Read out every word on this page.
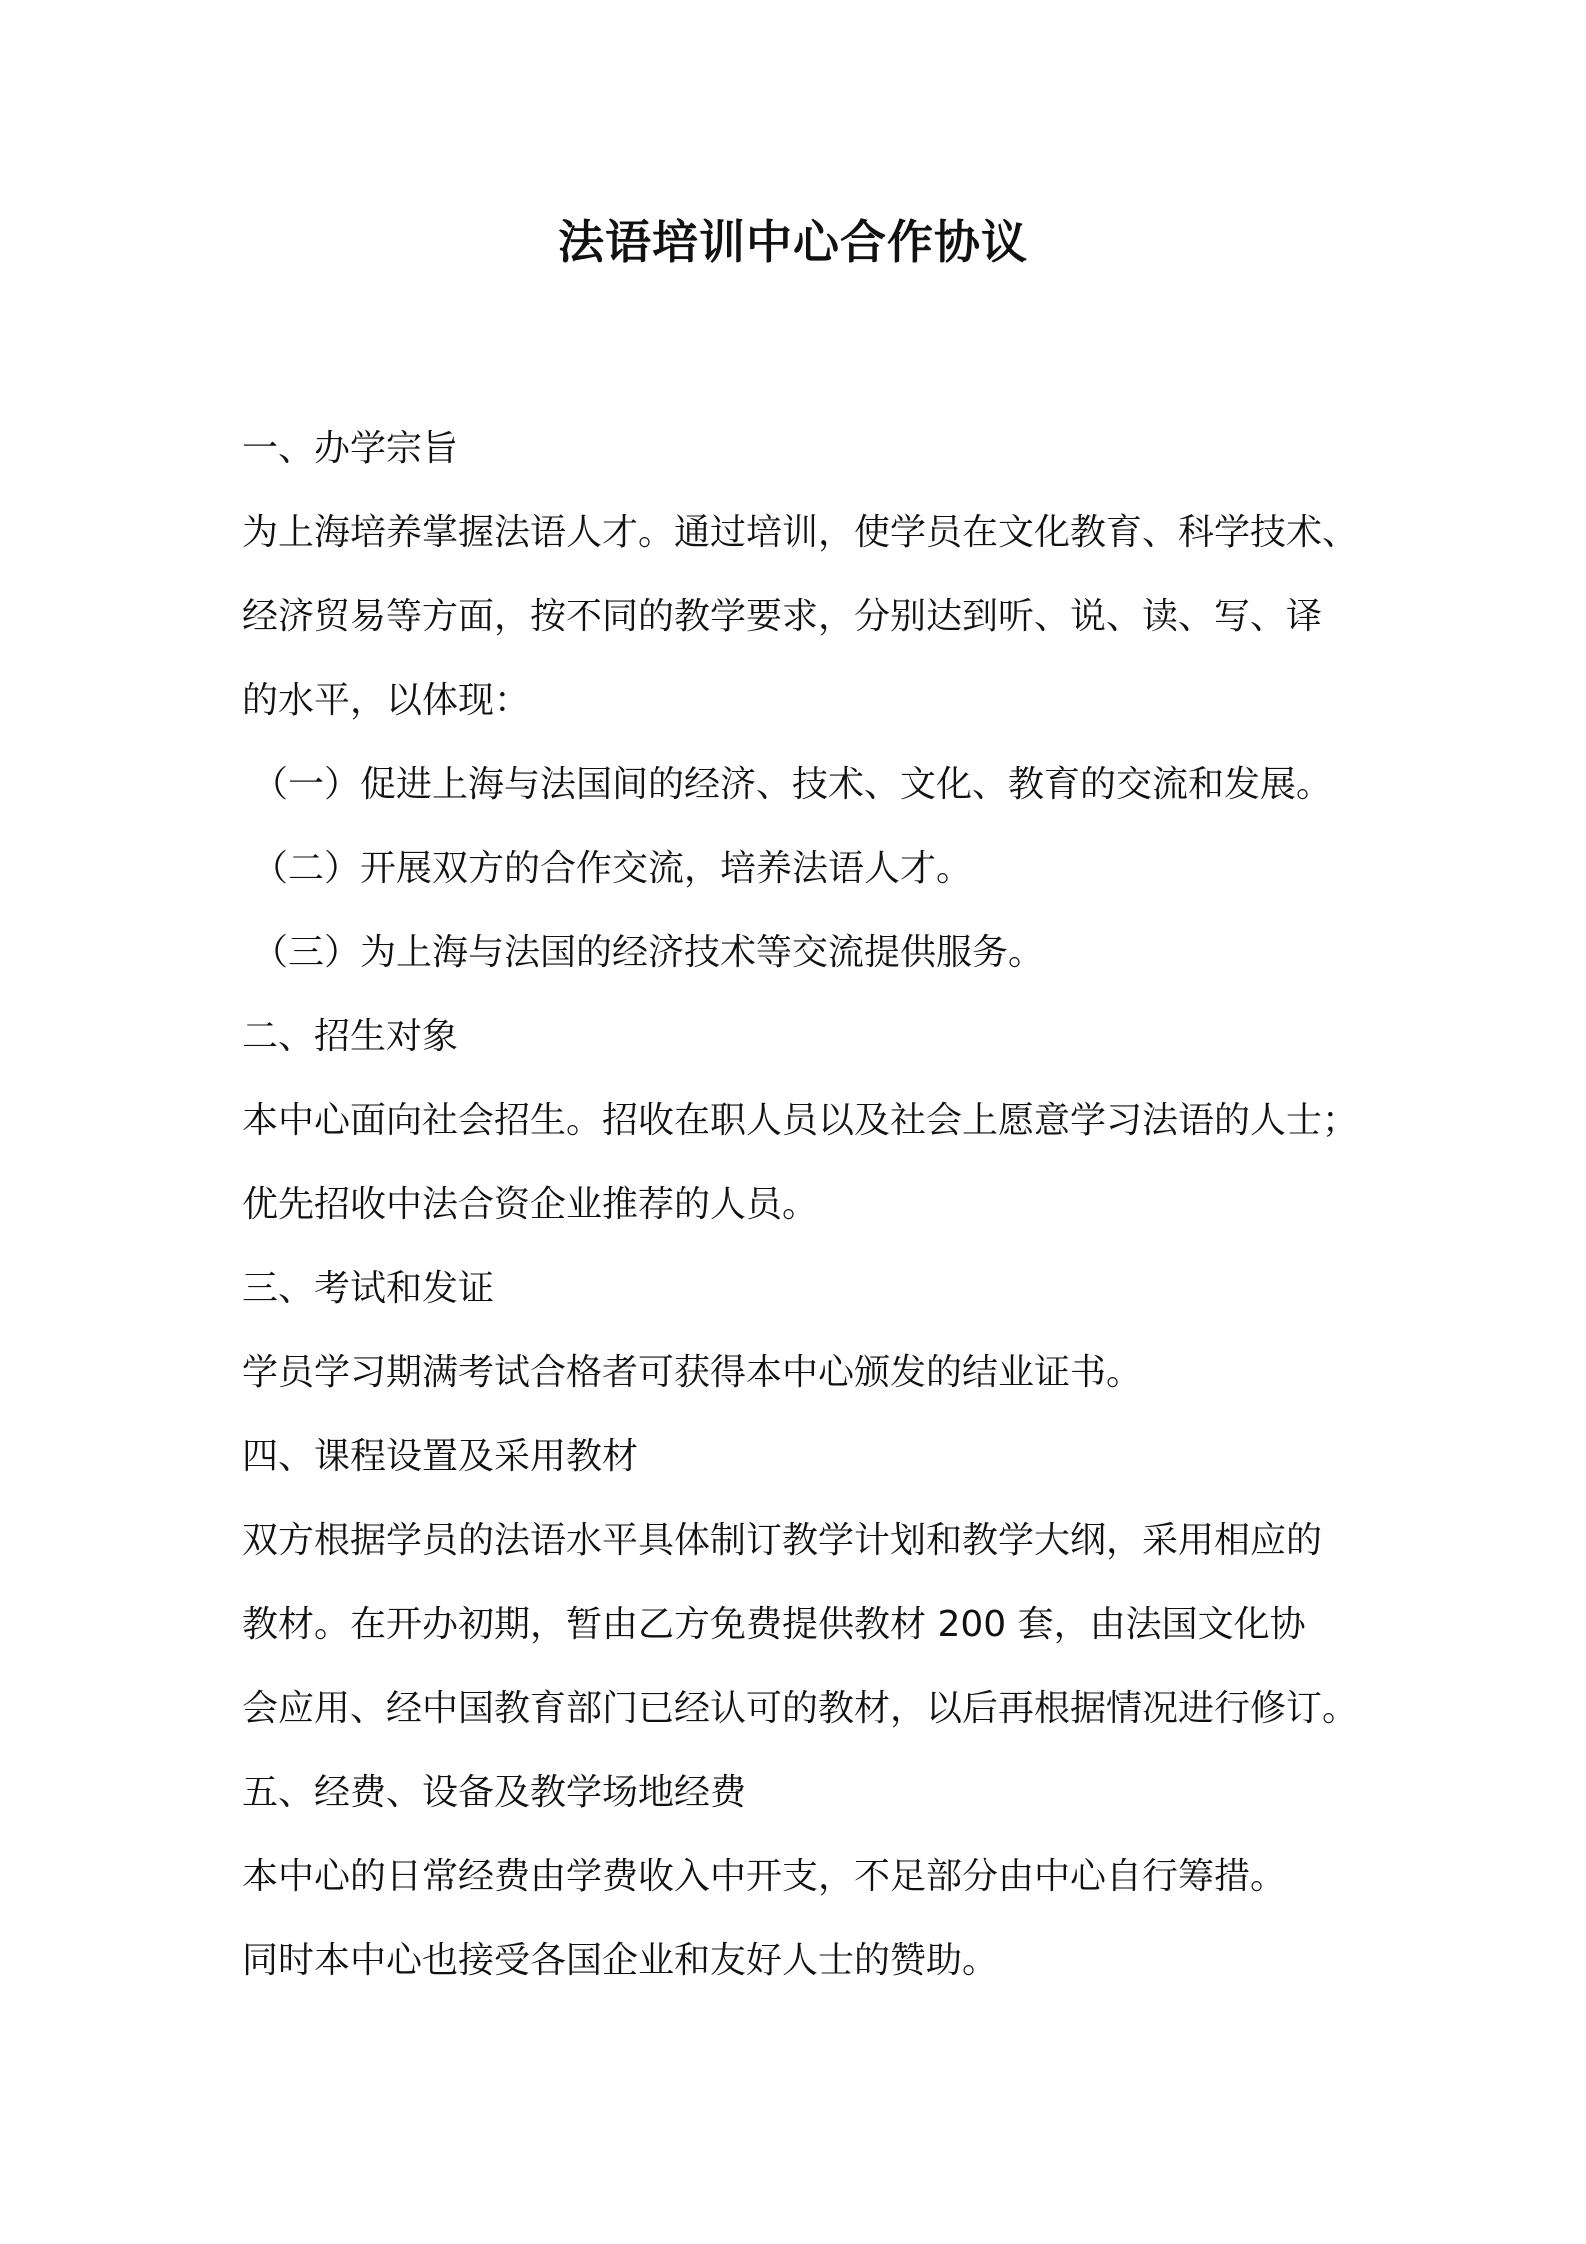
法语培训中心合作协议
一、办学宗旨
为上海培养掌握法语人才。通过培训，使学员在文化教育、科学技术、
经济贸易等方面，按不同的教学要求，分别达到听、说、读、写、译
的水平，以体现：
（一）促进上海与法国间的经济、技术、文化、教育的交流和发展。
（二）开展双方的合作交流，培养法语人才。
（三）为上海与法国的经济技术等交流提供服务。
二、招生对象
本中心面向社会招生。招收在职人员以及社会上愿意学习法语的人士；
优先招收中法合资企业推荐的人员。
三、考试和发证
学员学习期满考试合格者可获得本中心颁发的结业证书。
四、课程设置及采用教材
双方根据学员的法语水平具体制订教学计划和教学大纲，采用相应的
教材。在开办初期，暂由乙方免费提供教材 200 套，由法国文化协
会应用、经中国教育部门已经认可的教材，以后再根据情况进行修订。
五、经费、设备及教学场地经费
本中心的日常经费由学费收入中开支，不足部分由中心自行筹措。
同时本中心也接受各国企业和友好人士的赞助。
